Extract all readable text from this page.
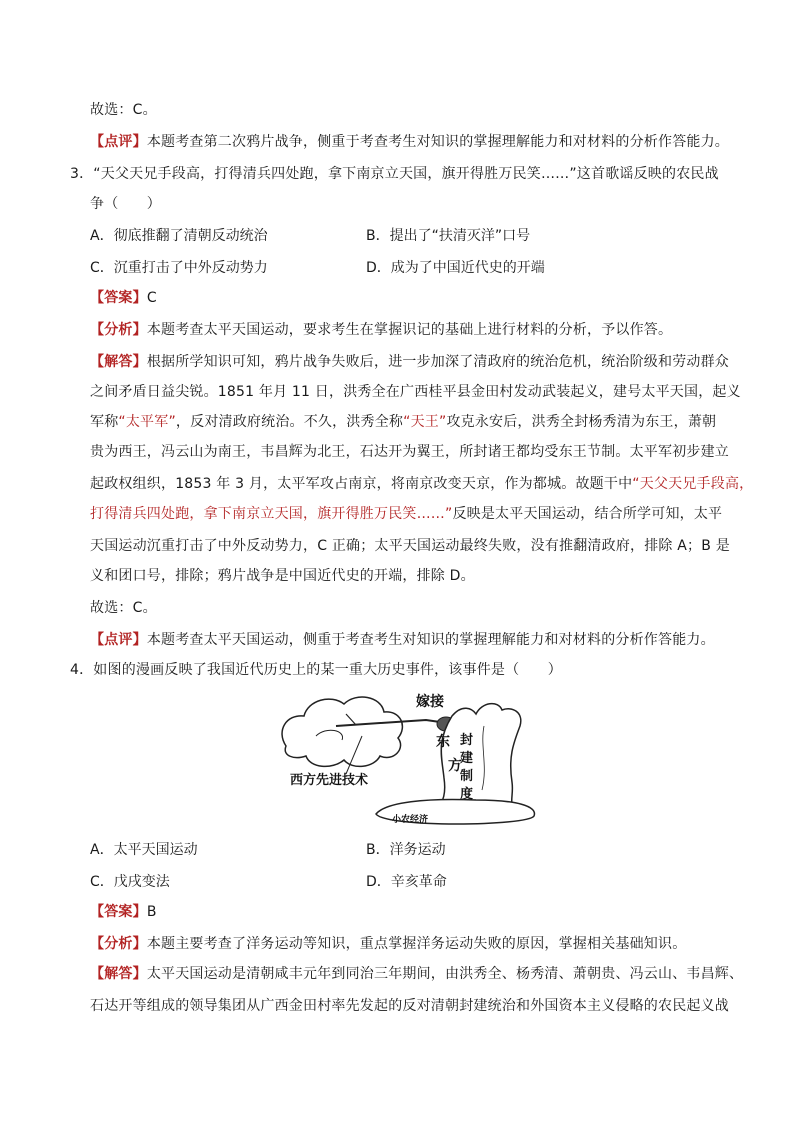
故选：C。
【点评】本题考查第二次鸦片战争，侧重于考查考生对知识的掌握理解能力和对材料的分析作答能力。
3．“天父天兄手段高，打得清兵四处跑，拿下南京立天国，旗开得胜万民笑……”这首歌谣反映的农民战
争（　　）
A．彻底推翻了清朝反动统治	B．提出了“扶清灭洋”口号
C．沉重打击了中外反动势力	D．成为了中国近代史的开端
【答案】C
【分析】本题考查太平天国运动，要求考生在掌握识记的基础上进行材料的分析，予以作答。
【解答】根据所学知识可知，鸦片战争失败后，进一步加深了清政府的统治危机，统治阶级和劳动群众
之间矛盾日益尖锐。1851 年月 11 日，洪秀全在广西桂平县金田村发动武装起义，建号太平天国，起义
军称“太平军”，反对清政府统治。不久，洪秀全称“天王”攻克永安后，洪秀全封杨秀清为东王，萧朝
贵为西王，冯云山为南王，韦昌辉为北王，石达开为翼王，所封诸王都均受东王节制。太平军初步建立
起政权组织，1853 年 3 月，太平军攻占南京，将南京改变天京，作为都城。故题干中“天父天兄手段高，
打得清兵四处跑，拿下南京立天国，旗开得胜万民笑……”反映是太平天国运动，结合所学可知，太平
天国运动沉重打击了中外反动势力，C 正确；太平天国运动最终失败，没有推翻清政府，排除 A；B 是
义和团口号，排除；鸦片战争是中国近代史的开端，排除 D。
故选：C。
【点评】本题考查太平天国运动，侧重于考查考生对知识的掌握理解能力和对材料的分析作答能力。
4．如图的漫画反映了我国近代历史上的某一重大历史事件，该事件是（　　）
嫁接
东
方
封
建
制
度
西方先进技术
小农经济
A．太平天国运动	B．洋务运动
C．戊戌变法	D．辛亥革命
【答案】B
【分析】本题主要考查了洋务运动等知识，重点掌握洋务运动失败的原因，掌握相关基础知识。
【解答】太平天国运动是清朝咸丰元年到同治三年期间，由洪秀全、杨秀清、萧朝贵、冯云山、韦昌辉、
石达开等组成的领导集团从广西金田村率先发起的反对清朝封建统治和外国资本主义侵略的农民起义战
